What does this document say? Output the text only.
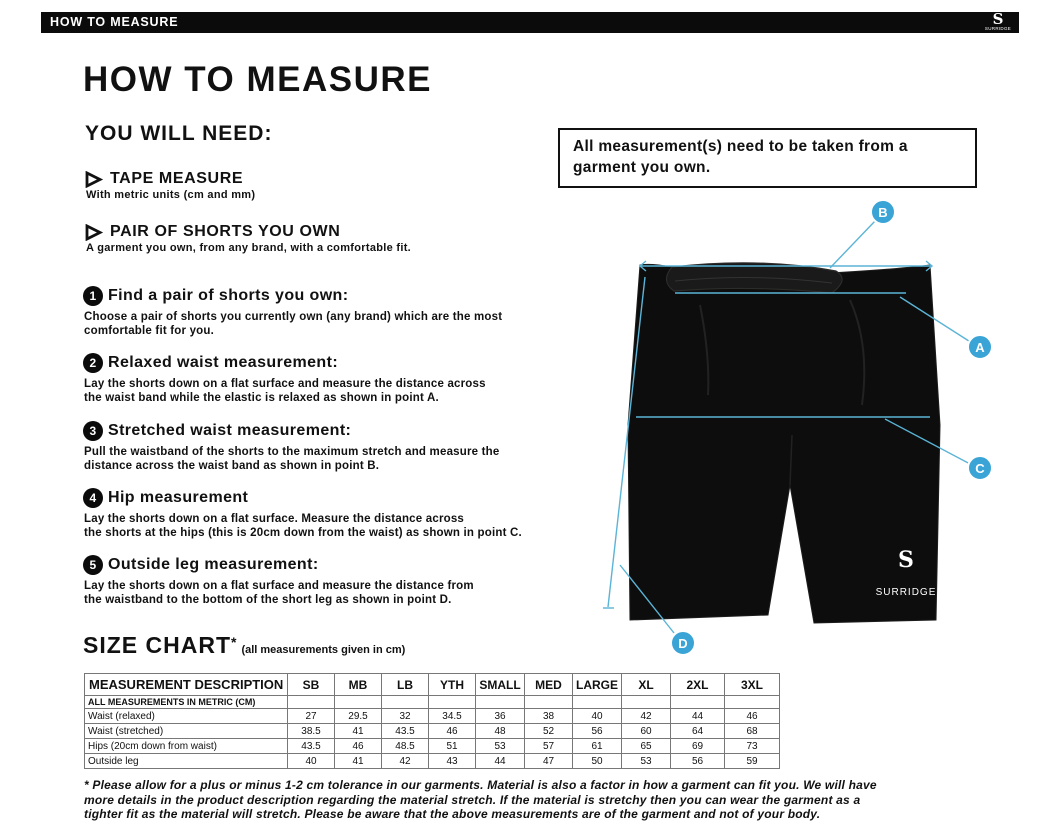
HOW TO MEASURE	S
SURRIDGE
HOW TO MEASURE
YOU WILL NEED:
TAPE MEASURE
With metric units (cm and mm)
PAIR OF SHORTS YOU OWN
A garment you own, from any brand, with a comfortable fit.
1 Find a pair of shorts you own:
Choose a pair of shorts you currently own (any brand) which are the most
comfortable fit for you.
2 Relaxed waist measurement:
Lay the shorts down on a flat surface and measure the distance across
the waist band while the elastic is relaxed as shown in point A.
3 Stretched waist measurement:
Pull the waistband of the shorts to the maximum stretch and measure the
distance across the waist band as shown in point B.
4 Hip measurement
Lay the shorts down on a flat surface. Measure the distance across
the shorts at the hips (this is 20cm down from the waist) as shown in point C.
5 Outside leg measurement:
Lay the shorts down on a flat surface and measure the distance from
the waistband to the bottom of the short leg as shown in point D.
All measurement(s) need to be taken from a garment you own.
S
SURRIDGE
B
A
C
D
SIZE CHART * (all measurements given in cm)
MEASUREMENT DESCRIPTION	SB	MB	LB	YTH	SMALL	MED	LARGE	XL	2XL	3XL
ALL MEASUREMENTS IN METRIC (CM)										
Waist (relaxed)	27	29.5	32	34.5	36	38	40	42	44	46
Waist (stretched)	38.5	41	43.5	46	48	52	56	60	64	68
Hips (20cm down from waist)	43.5	46	48.5	51	53	57	61	65	69	73
Outside leg	40	41	42	43	44	47	50	53	56	59
* Please allow for a plus or minus 1-2 cm tolerance in our garments. Material is also a factor in how a garment can fit you. We will have
more details in the product description regarding the material stretch. If the material is stretchy then you can wear the garment as a
tighter fit as the material will stretch. Please be aware that the above measurements are of the garment and not of your body.
